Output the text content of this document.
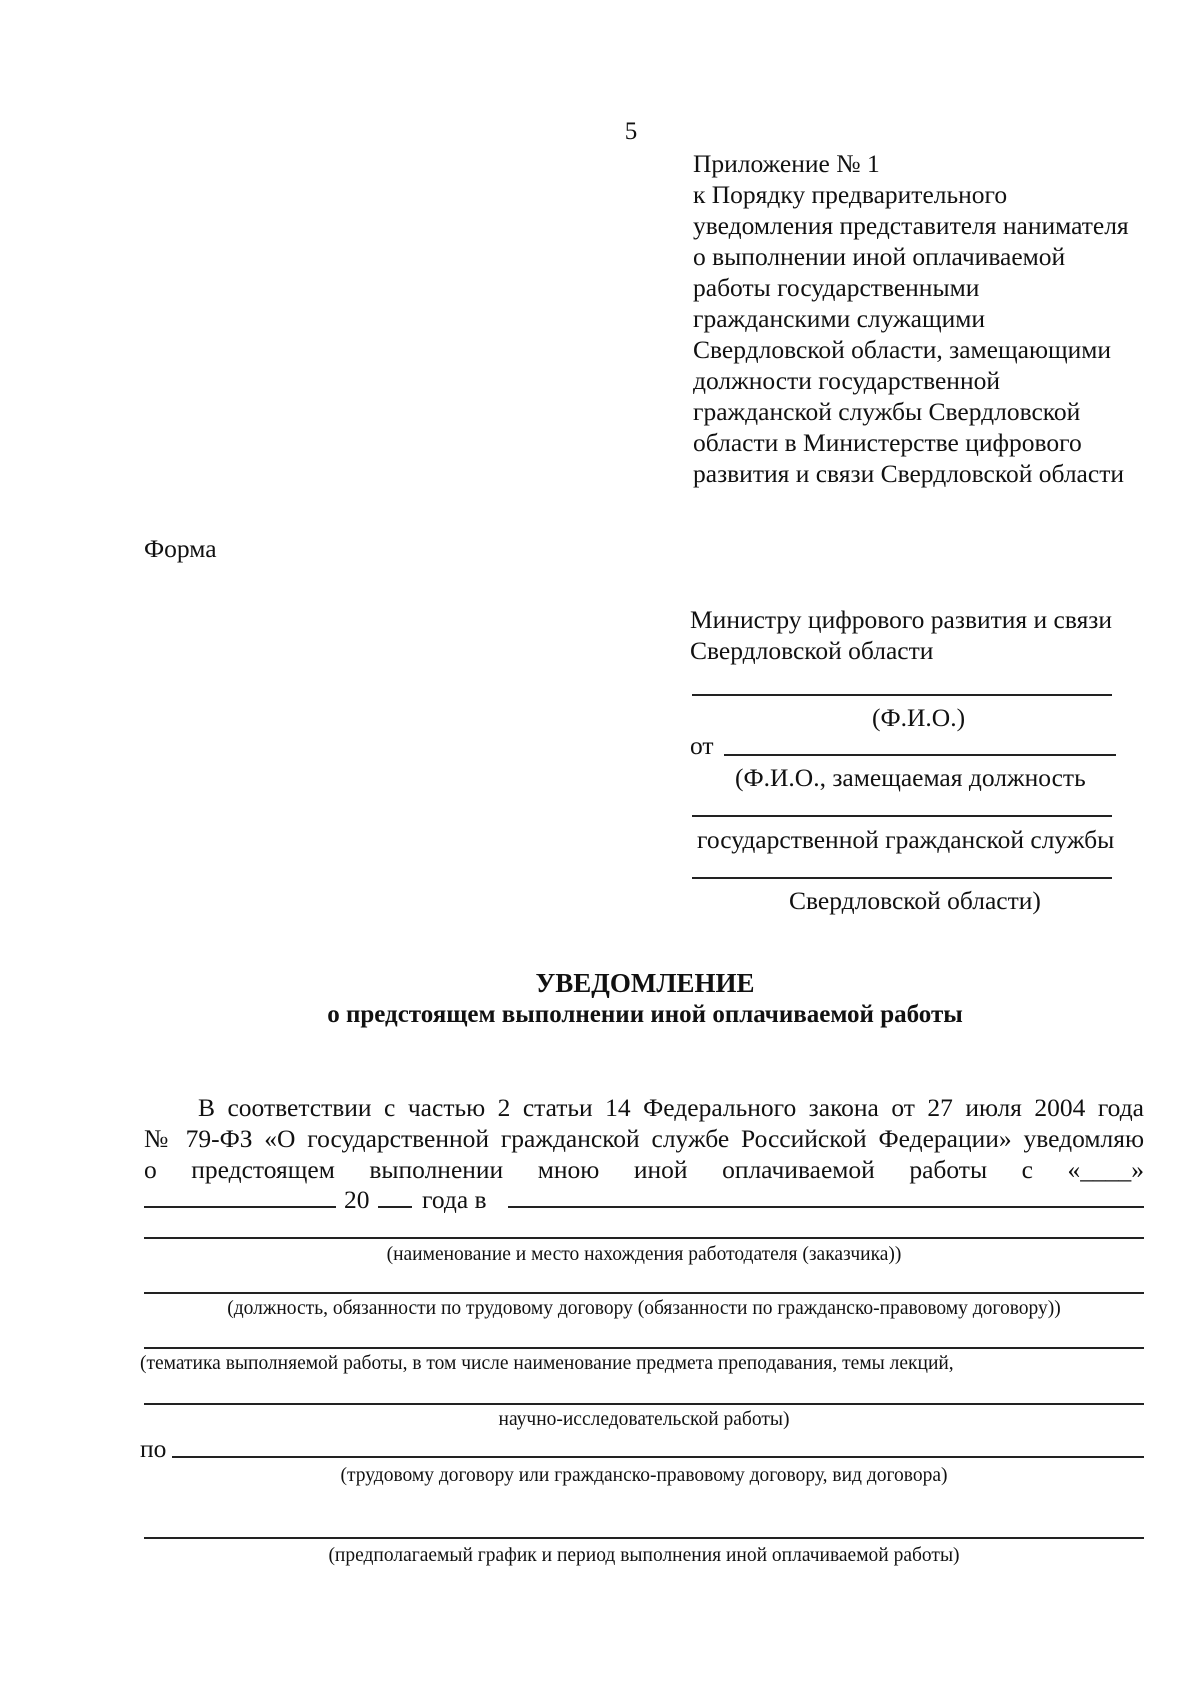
5
Приложение № 1
к Порядку предварительного
уведомления представителя нанимателя
о выполнении иной оплачиваемой
работы государственными
гражданскими служащими
Свердловской области, замещающими
должности государственной
гражданской службы Свердловской
области в Министерстве цифрового
развития и связи Свердловской области
Форма
Министру цифрового развития и связи
Свердловской области
(Ф.И.О.)
от
(Ф.И.О., замещаемая должность
государственной гражданской службы
Свердловской области)
УВЕДОМЛЕНИЕ
о предстоящем выполнении иной оплачиваемой работы
В соответствии с частью 2 статьи 14 Федерального закона от 27 июля 2004 года
№ 79-ФЗ «О государственной гражданской службе Российской Федерации» уведомляю
о предстоящем выполнении мною иной оплачиваемой работы с «____»
20 года в
(наименование и место нахождения работодателя (заказчика))
(должность, обязанности по трудовому договору (обязанности по гражданско-правовому договору))
(тематика выполняемой работы, в том числе наименование предмета преподавания, темы лекций,
научно-исследовательской работы)
по
(трудовому договору или гражданско-правовому договору, вид договора)
(предполагаемый график и период выполнения иной оплачиваемой работы)
